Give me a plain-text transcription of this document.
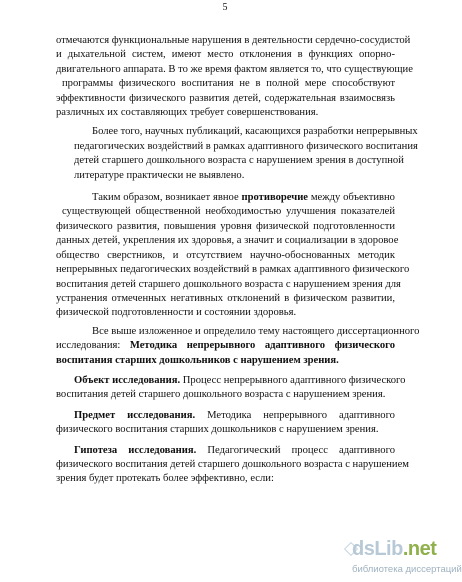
5
отмечаются функциональные нарушения в деятельности сердечно-сосудистой
и дыхательной систем, имеют место отклонения в функциях опорно-
двигательного аппарата. В то же время фактом является то, что существующие
программы физического воспитания не в полной мере способствуют
эффективности физического развития детей, содержательная взаимосвязь
различных их составляющих требует совершенствования.
Более того, научных публикаций, касающихся разработки непрерывных
педагогических воздействий в рамках адаптивного физического воспитания
детей старшего дошкольного возраста с нарушением зрения в доступной
литературе практически не выявлено.
Таким образом, возникает явное противоречие между объективно
существующей общественной необходимостью улучшения показателей
физического развития, повышения уровня физической подготовленности
данных детей, укрепления их здоровья, а значит и социализации в здоровое
общество сверстников, и отсутствием научно-обоснованных методик
непрерывных педагогических воздействий в рамках адаптивного физического
воспитания детей старшего дошкольного возраста с нарушением зрения для
устранения отмеченных негативных отклонений в физическом развитии,
физической подготовленности и состоянии здоровья.
Все выше изложенное и определило тему настоящего диссертационного
исследования: Методика непрерывного адаптивного физического
воспитания старших дошкольников с нарушением зрения.
Объект исследования. Процесс непрерывного адаптивного физического
воспитания детей старшего дошкольного возраста с нарушением зрения.
Предмет исследования. Методика непрерывного адаптивного
физического воспитания старших дошкольников с нарушением зрения.
Гипотеза исследования. Педагогический процесс адаптивного
физического воспитания детей старшего дошкольного возраста с нарушением
зрения будет протекать более эффективно, если:
dsLib.net
библиотека диссертаций
